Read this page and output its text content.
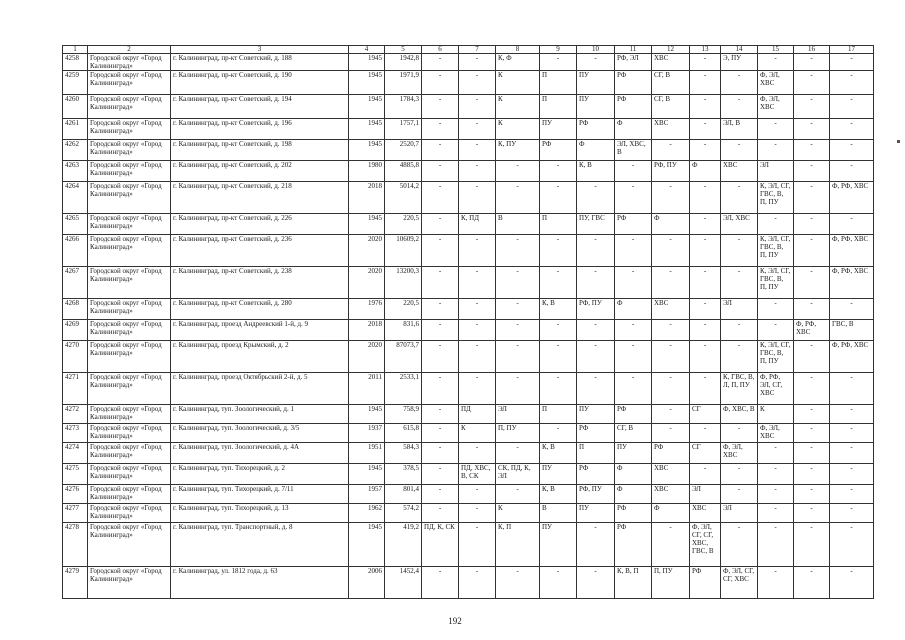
1	2	3	4	5	6	7	8	9	10	11	12	13	14	15	16	17
4258	Городской округ «Город Калининград»	г. Калининград, пр-кт Советский, д. 188	1945	1942,8	-	-	К, Ф	-	-	РФ, ЭЛ	ХВС	-	Э, ПУ	-	-	-
4259	Городской округ «Город Калининград»	г. Калининград, пр-кт Советский, д. 190	1945	1971,9	-	-	К	П	ПУ	РФ	СГ, В	-	-	Ф, ЭЛ, ХВС	-	-
4260	Городской округ «Город Калининград»	г. Калининград, пр-кт Советский, д. 194	1945	1784,3	-	-	К	П	ПУ	РФ	СГ, В	-	-	Ф, ЭЛ, ХВС	-	-
4261	Городской округ «Город Калининград»	г. Калининград, пр-кт Советский, д. 196	1945	1757,1	-	-	К	ПУ	РФ	Ф	ХВС	-	ЭЛ, В	-	-	-
4262	Городской округ «Город Калининград»	г. Калининград, пр-кт Советский, д. 198	1945	2520,7	-	-	К, ПУ	РФ	Ф	ЭЛ, ХВС, В	-	-	-	-	-	-
4263	Городской округ «Город Калининград»	г. Калининград, пр-кт Советский, д. 202	1980	4885,8	-	-	-	-	К, В	-	РФ, ПУ	Ф	ХВС	ЭЛ	-	-
4264	Городской округ «Город Калининград»	г. Калининград, пр-кт Советский, д. 218	2018	5014,2	-	-	-	-	-	-	-	-	-	К, ЭЛ, СГ, ГВС, В, П, ПУ	-	Ф, РФ, ХВС
4265	Городской округ «Город Калининград»	г. Калининград, пр-кт Советский, д. 226	1945	220,5	-	К, ПД	В	П	ПУ, ГВС	РФ	Ф	-	ЭЛ, ХВС	-	-	-
4266	Городской округ «Город Калининград»	г. Калининград, пр-кт Советский, д. 236	2020	10609,2	-	-	-	-	-	-	-	-	-	К, ЭЛ, СГ, ГВС, В, П, ПУ	-	Ф, РФ, ХВС
4267	Городской округ «Город Калининград»	г. Калининград, пр-кт Советский, д. 238	2020	13200,3	-	-	-	-	-	-	-	-	-	К, ЭЛ, СГ, ГВС, В, П, ПУ	-	Ф, РФ, ХВС
4268	Городской округ «Город Калининград»	г. Калининград, пр-кт Советский, д. 280	1976	220,5	-	-	-	К, В	РФ, ПУ	Ф	ХВС	-	ЭЛ	-	-	-
4269	Городской округ «Город Калининград»	г. Калининград, проезд Андреевский 1-й, д. 9	2018	831,6	-	-	-	-	-	-	-	-	-	-	Ф, РФ, ХВС	ГВС, В
4270	Городской округ «Город Калининград»	г. Калининград, проезд Крымский, д. 2	2020	87073,7	-	-	-	-	-	-	-	-	-	К, ЭЛ, СГ, ГВС, В, П, ПУ	-	Ф, РФ, ХВС
4271	Городской округ «Город Калининград»	г. Калининград, проезд Октябрьский 2-й, д. 5	2011	2533,1	-	-	-	-	-	-	-	-	К, ГВС, В, Л, П, ПУ	Ф, РФ, ЭЛ, СГ, ХВС	-	-
4272	Городской округ «Город Калининград»	г. Калининград, туп. Зоологический, д. 1	1945	758,9	-	ПД	ЭЛ	П	ПУ	РФ	-	СГ	Ф, ХВС, В	К	-	-
4273	Городской округ «Город Калининград»	г. Калининград, туп. Зоологический, д. 3/5	1937	615,8	-	К	П, ПУ	-	РФ	СГ, В	-	-	-	Ф, ЭЛ, ХВС	-	-
4274	Городской округ «Город Калининград»	г. Калининград, туп. Зоологический, д. 4А	1951	584,3	-	-	-	К, В	П	ПУ	РФ	СГ	Ф, ЭЛ, ХВС	-	-	-
4275	Городской округ «Город Калининград»	г. Калининград, туп. Тихорецкий, д. 2	1945	378,5	-	ПД, ХВС, В, СК	СК, ПД, К, ЭЛ	ПУ	РФ	Ф	ХВС	-	-	-	-	-
4276	Городской округ «Город Калининград»	г. Калининград, туп. Тихорецкий, д. 7/11	1957	801,4	-	-	-	К, В	РФ, ПУ	Ф	ХВС	ЭЛ	-	-	-	-
4277	Городской округ «Город Калининград»	г. Калининград, туп. Тихорецкий, д. 13	1962	574,2	-	-	К	В	ПУ	РФ	Ф	ХВС	ЭЛ	-	-	-
4278	Городской округ «Город Калининград»	г. Калининград, туп. Транспортный, д. 8	1945	419,2	ПД, К, СК	-	К, П	ПУ	-	РФ	-	Ф, ЭЛ, СГ, СГ, ХВС, ГВС, В	-	-	-	-
4279	Городской округ «Город Калининград»	г. Калининград, ул. 1812 года, д. 63	2006	1452,4	-	-	-	-	-	К, В, П	П, ПУ	РФ	Ф, ЭЛ, СГ, СГ, ХВС	-	-	-
192
